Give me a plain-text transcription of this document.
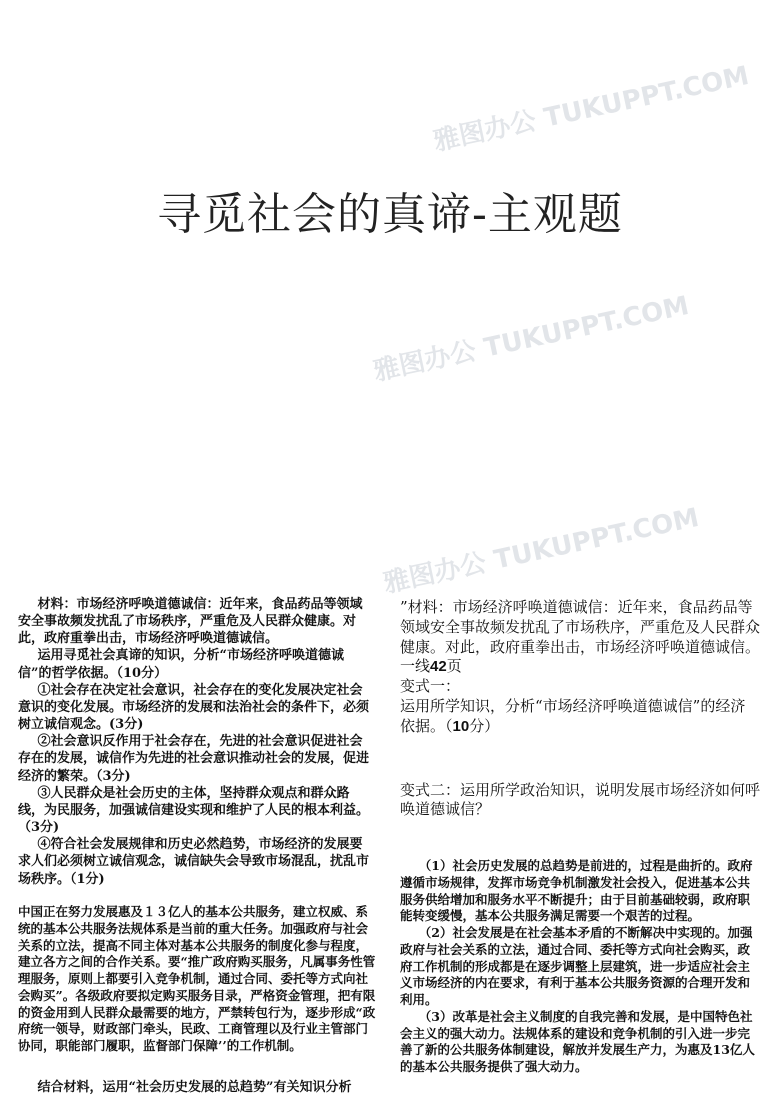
雅图办公 TUKUPPT.COM
雅图办公 TUKUPPT.COM
雅图办公 TUKUPPT.COM
寻觅社会的真谛-主观题

材料：市场经济呼唤道德诚信：近年来，食品药品等领域安全事故频发扰乱了市场秩序，严重危及人民群众健康。对此，政府重拳出击，市场经济呼唤道德诚信。

运用寻觅社会真谛的知识，分析“市场经济呼唤道德诚信”的哲学依据。（10分）

①社会存在决定社会意识，社会存在的变化发展决定社会意识的变化发展。市场经济的发展和法治社会的条件下，必须树立诚信观念。(3分)

②社会意识反作用于社会存在，先进的社会意识促进社会存在的发展，诚信作为先进的社会意识推动社会的发展，促进经济的繁荣。（3分)

③人民群众是社会历史的主体，坚持群众观点和群众路线，为民服务，加强诚信建设实现和维护了人民的根本利益。（3分)

④符合社会发展规律和历史必然趋势，市场经济的发展要求人们必须树立诚信观念，诚信缺失会导致市场混乱，扰乱市场秩序。（1分)

”材料：市场经济呼唤道德诚信：近年来，食品药品等领域安全事故频发扰乱了市场秩序，严重危及人民群众健康。对此，政府重拳出击，市场经济呼唤道德诚信。一线42页

变式一：

运用所学知识，分析“市场经济呼唤道德诚信”的经济依据。（10分）

变式二：运用所学政治知识，说明发展市场经济如何呼唤道德诚信？

中国正在努力发展惠及１３亿人的基本公共服务，建立权威、系统的基本公共服务法规体系是当前的重大任务。加强政府与社会关系的立法，提高不同主体对基本公共服务的制度化参与程度，建立各方之间的合作关系。要“推广政府购买服务，凡属事务性管理服务，原则上都要引入竞争机制，通过合同、委托等方式向社会购买”。各级政府要拟定购买服务目录，严格资金管理，把有限的资金用到人民群众最需要的地方，严禁转包行为，逐步形成“政府统一领导，财政部门牵头，民政、工商管理以及行业主管部门协同，职能部门履职，监督部门保障’’的工作机制。

结合材料，运用“社会历史发展的总趋势”有关知识分析

（1）社会历史发展的总趋势是前进的，过程是曲折的。政府遵循市场规律，发挥市场竞争机制激发社会投入，促进基本公共服务供给增加和服务水平不断提升；由于目前基础较弱，政府职能转变缓慢，基本公共服务满足需要一个艰苦的过程。

（2）社会发展是在社会基本矛盾的不断解决中实现的。加强政府与社会关系的立法，通过合同、委托等方式向社会购买，政府工作机制的形成都是在逐步调整上层建筑，进一步适应社会主义市场经济的内在要求，有利于基本公共服务资源的合理开发和利用。

（3）改革是社会主义制度的自我完善和发展，是中国特色社会主义的强大动力。法规体系的建设和竞争机制的引入进一步完善了新的公共服务体制建设，解放并发展生产力，为惠及13亿人的基本公共服务提供了强大动力。
